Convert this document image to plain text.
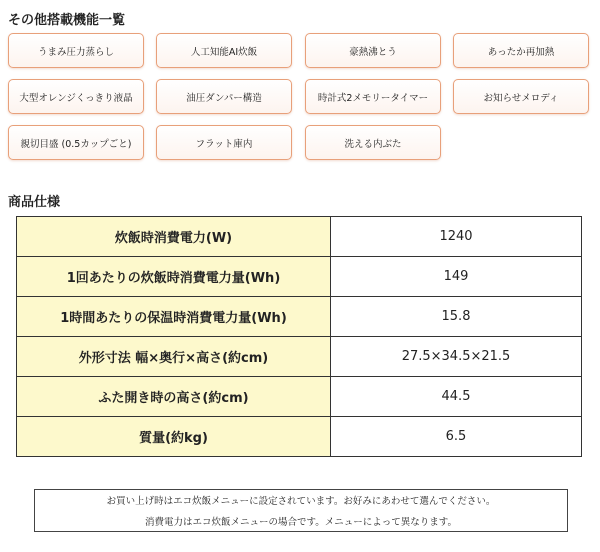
その他搭載機能一覧
うまみ圧力蒸らし	人工知能AI炊飯	豪熱沸とう	あったか再加熱
大型オレンジくっきり液晶	油圧ダンパー構造	時計式2メモリータイマー	お知らせメロディ
親切目盛 (0.5カップごと)	フラット庫内	洗える内ぶた
商品仕様
炊飯時消費電力(W)	1240
1回あたりの炊飯時消費電力量(Wh)	149
1時間あたりの保温時消費電力量(Wh)	15.8
外形寸法 幅×奥行×高さ(約cm)	27.5×34.5×21.5
ふた開き時の高さ(約cm)	44.5
質量(約kg)	6.5
お買い上げ時はエコ炊飯メニューに設定されています。お好みにあわせて選んでください。
消費電力はエコ炊飯メニューの場合です。メニューによって異なります。
